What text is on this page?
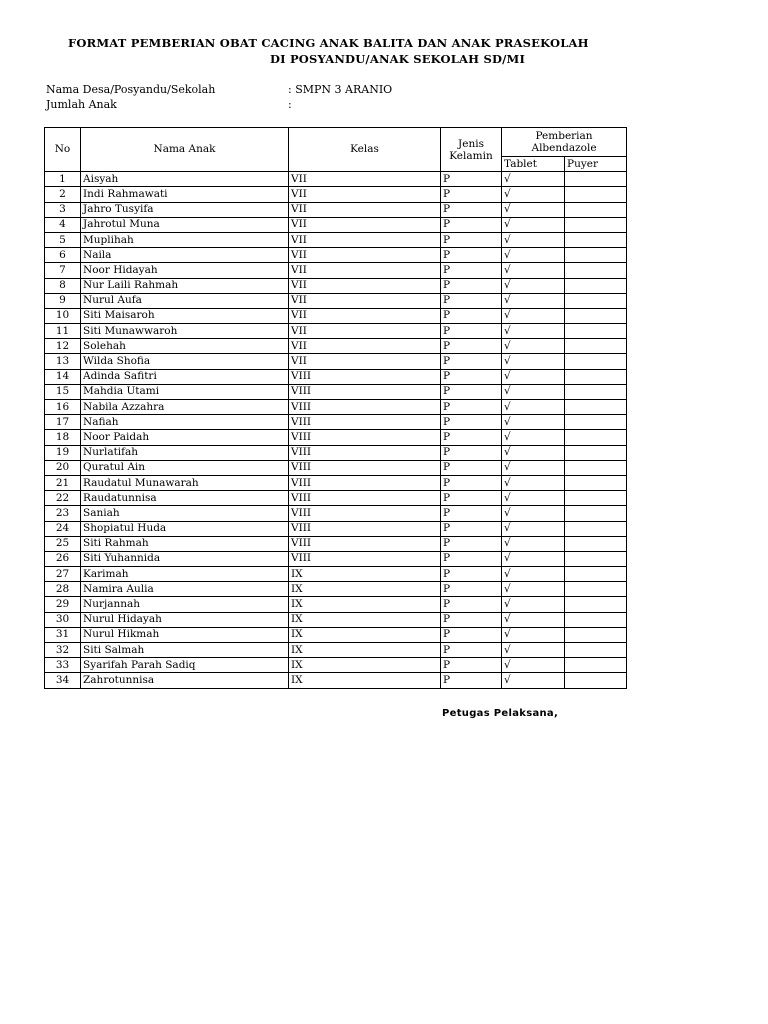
FORMAT PEMBERIAN OBAT CACING ANAK BALITA DAN ANAK PRASEKOLAH
DI POSYANDU/ANAK SEKOLAH SD/MI
Nama Desa/Posyandu/Sekolah	: SMPN 3 ARANIO
Jumlah Anak	:
No	Nama Anak	Kelas	Jenis Kelamin	Pemberian Albendazole	
				Tablet	Puyer
1	Aisyah	VII	P	√	
2	Indi Rahmawati	VII	P	√	
3	Jahro Tusyifa	VII	P	√	
4	Jahrotul Muna	VII	P	√	
5	Muplihah	VII	P	√	
6	Naila	VII	P	√	
7	Noor Hidayah	VII	P	√	
8	Nur Laili Rahmah	VII	P	√	
9	Nurul Aufa	VII	P	√	
10	Siti Maisaroh	VII	P	√	
11	Siti Munawwaroh	VII	P	√	
12	Solehah	VII	P	√	
13	Wilda Shofia	VII	P	√	
14	Adinda Safitri	VIII	P	√	
15	Mahdia Utami	VIII	P	√	
16	Nabila Azzahra	VIII	P	√	
17	Nafiah	VIII	P	√	
18	Noor Paidah	VIII	P	√	
19	Nurlatifah	VIII	P	√	
20	Quratul Ain	VIII	P	√	
21	Raudatul Munawarah	VIII	P	√	
22	Raudatunnisa	VIII	P	√	
23	Saniah	VIII	P	√	
24	Shopiatul Huda	VIII	P	√	
25	Siti Rahmah	VIII	P	√	
26	Siti Yuhannida	VIII	P	√	
27	Karimah	IX	P	√	
28	Namira Aulia	IX	P	√	
29	Nurjannah	IX	P	√	
30	Nurul Hidayah	IX	P	√	
31	Nurul Hikmah	IX	P	√	
32	Siti Salmah	IX	P	√	
33	Syarifah Parah Sadiq	IX	P	√	
34	Zahrotunnisa	IX	P	√	
Petugas Pelaksana,
